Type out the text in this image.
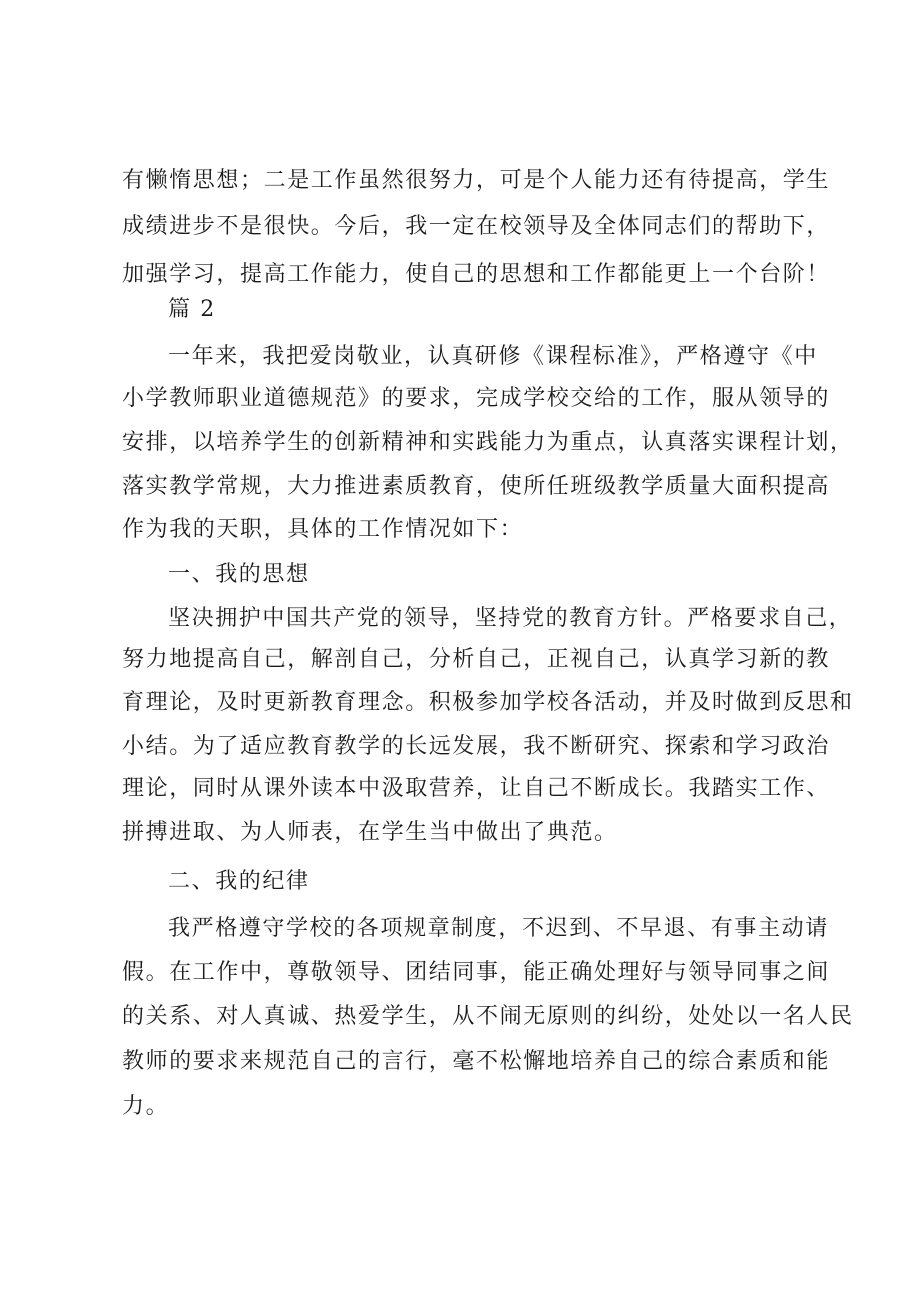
有懒惰思想；二是工作虽然很努力，可是个人能力还有待提高，学生
成绩进步不是很快。今后，我一定在校领导及全体同志们的帮助下，
加强学习，提高工作能力，使自己的思想和工作都能更上一个台阶！
篇 2
一年来，我把爱岗敬业，认真研修《课程标准》，严格遵守《中
小学教师职业道德规范》的要求，完成学校交给的工作，服从领导的
安排，以培养学生的创新精神和实践能力为重点，认真落实课程计划，
落实教学常规，大力推进素质教育，使所任班级教学质量大面积提高
作为我的天职，具体的工作情况如下：
一、我的思想
坚决拥护中国共产党的领导，坚持党的教育方针。严格要求自己，
努力地提高自己，解剖自己，分析自己，正视自己，认真学习新的教
育理论，及时更新教育理念。积极参加学校各活动，并及时做到反思和
小结。为了适应教育教学的长远发展，我不断研究、探索和学习政治
理论，同时从课外读本中汲取营养，让自己不断成长。我踏实工作、
拼搏进取、为人师表，在学生当中做出了典范。
二、我的纪律
我严格遵守学校的各项规章制度，不迟到、不早退、有事主动请
假。在工作中，尊敬领导、团结同事，能正确处理好与领导同事之间
的关系、对人真诚、热爱学生，从不闹无原则的纠纷，处处以一名人民
教师的要求来规范自己的言行，毫不松懈地培养自己的综合素质和能
力。
